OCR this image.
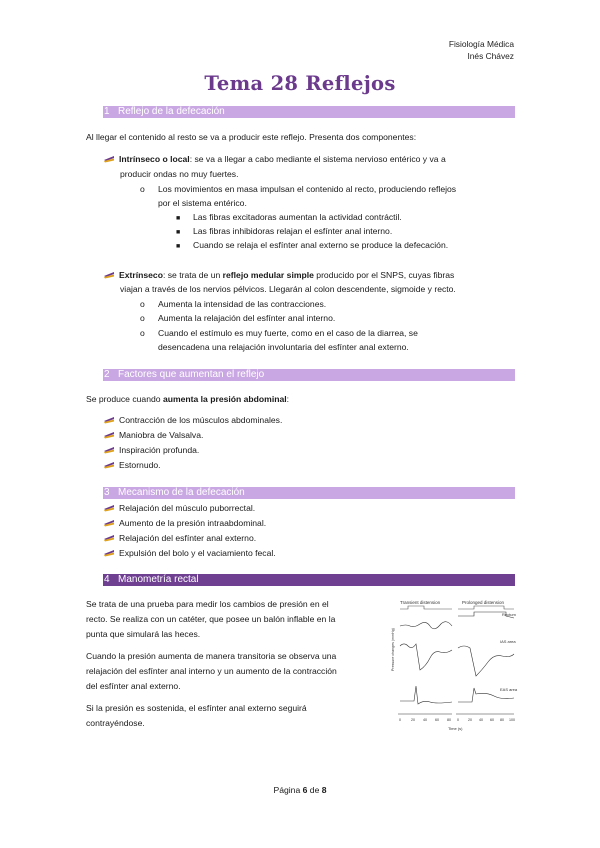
Fisiología Médica
Inés Chávez
Tema 28 Reflejos
1 Reflejo de la defecación
Al llegar el contenido al resto se va a producir este reflejo. Presenta dos componentes:
Intrínseco o local: se va a llegar a cabo mediante el sistema nervioso entérico y va a
producir ondas no muy fuertes.
o Los movimientos en masa impulsan el contenido al recto, produciendo reflejos
por el sistema entérico.
■ Las fibras excitadoras aumentan la actividad contráctil.
■ Las fibras inhibidoras relajan el esfínter anal interno.
■ Cuando se relaja el esfínter anal externo se produce la defecación.
Extrínseco: se trata de un reflejo medular simple producido por el SNPS, cuyas fibras
viajan a través de los nervios pélvicos. Llegarán al colon descendente, sigmoide y recto.
o Aumenta la intensidad de las contracciones.
o Aumenta la relajación del esfínter anal interno.
o Cuando el estímulo es muy fuerte, como en el caso de la diarrea, se
desencadena una relajación involuntaria del esfínter anal externo.
2 Factores que aumentan el reflejo
Se produce cuando aumenta la presión abdominal:
Contracción de los músculos abdominales.
Maniobra de Valsalva.
Inspiración profunda.
Estornudo.
3 Mecanismo de la defecación
Relajación del músculo puborrectal.
Aumento de la presión intraabdominal.
Relajación del esfínter anal externo.
Expulsión del bolo y el vaciamiento fecal.
4 Manometría rectal
Se trata de una prueba para medir los cambios de presión en el
recto. Se realiza con un catéter, que posee un balón inflable en la
punta que simulará las heces.
Cuando la presión aumenta de manera transitoria se observa una
relajación del esfínter anal interno y un aumento de la contracción
del esfínter anal externo.
Si la presión es sostenida, el esfínter anal externo seguirá
contrayéndose.
Transient distension	Prolonged distension
Rectum
IAS area
EAS area
Pressure changes (mmHg)
Time (s)
0	20 40 60 80 0	20 40 60 80 100
Página 6 de 8
